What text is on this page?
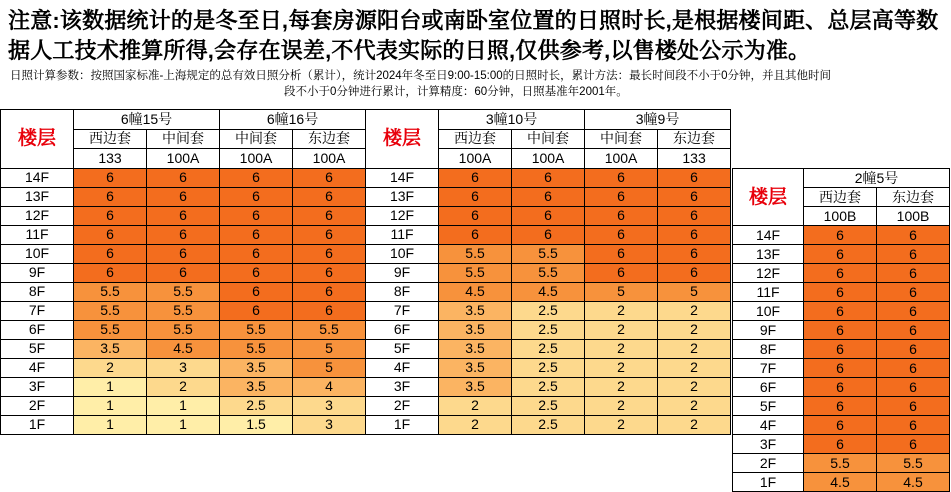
注意:该数据统计的是冬至日,每套房源阳台或南卧室位置的日照时长,是根据楼间距、总层高等数据人工技术推算所得,会存在误差,不代表实际的日照,仅供参考,以售楼处公示为准。
日照计算参数：按照国家标准-上海规定的总有效日照分析（累计），统计2024年冬至日9:00-15:00的日照时长，累计方法：最长时间段不小于0分钟，并且其他时间
段不小于0分钟进行累计，计算精度：60分钟，日照基准年2001年。
楼层	6幢15号		6幢16号		楼层	3幢10号		3幢9号	
	西边套	中间套	中间套	东边套		西边套	中间套	中间套	东边套
	133	100A	100A	100A		100A	100A	100A	133
14F	6	6	6	6	14F	6	6	6	6
13F	6	6	6	6	13F	6	6	6	6
12F	6	6	6	6	12F	6	6	6	6
11F	6	6	6	6	11F	6	6	6	6
10F	6	6	6	6	10F	5.5	5.5	6	6
9F	6	6	6	6	9F	5.5	5.5	6	6
8F	5.5	5.5	6	6	8F	4.5	4.5	5	5
7F	5.5	5.5	6	6	7F	3.5	2.5	2	2
6F	5.5	5.5	5.5	5.5	6F	3.5	2.5	2	2
5F	3.5	4.5	5.5	5	5F	3.5	2.5	2	2
4F	2	3	3.5	5	4F	3.5	2.5	2	2
3F	1	2	3.5	4	3F	3.5	2.5	2	2
2F	1	1	2.5	3	2F	2	2.5	2	2
1F	1	1	1.5	3	1F	2	2.5	2	2
楼层	2幢5号	
	西边套	东边套
	100B	100B
14F	6	6
13F	6	6
12F	6	6
11F	6	6
10F	6	6
9F	6	6
8F	6	6
7F	6	6
6F	6	6
5F	6	6
4F	6	6
3F	6	6
2F	5.5	5.5
1F	4.5	4.5
